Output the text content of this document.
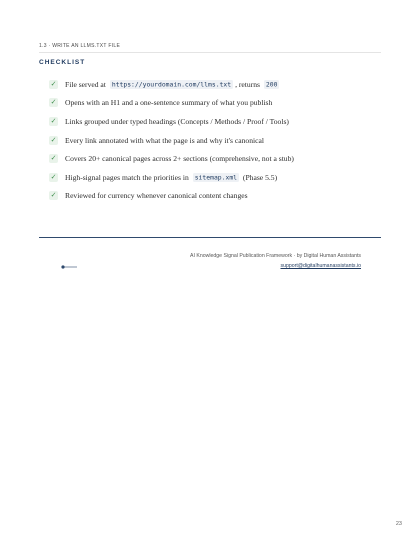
1.3 · WRITE AN LLMS.TXT FILE
CHECKLIST
✓ File served at https://yourdomain.com/llms.txt , returns 200
✓ Opens with an H1 and a one-sentence summary of what you publish
✓ Links grouped under typed headings (Concepts / Methods / Proof / Tools)
✓ Every link annotated with what the page is and why it's canonical
✓ Covers 20+ canonical pages across 2+ sections (comprehensive, not a stub)
✓ High-signal pages match the priorities in sitemap.xml (Phase 5.5)
✓ Reviewed for currency whenever canonical content changes
AI Knowledge Signal Publication Framework · by Digital Human Assistants
support@digitalhumanassistants.io
23
